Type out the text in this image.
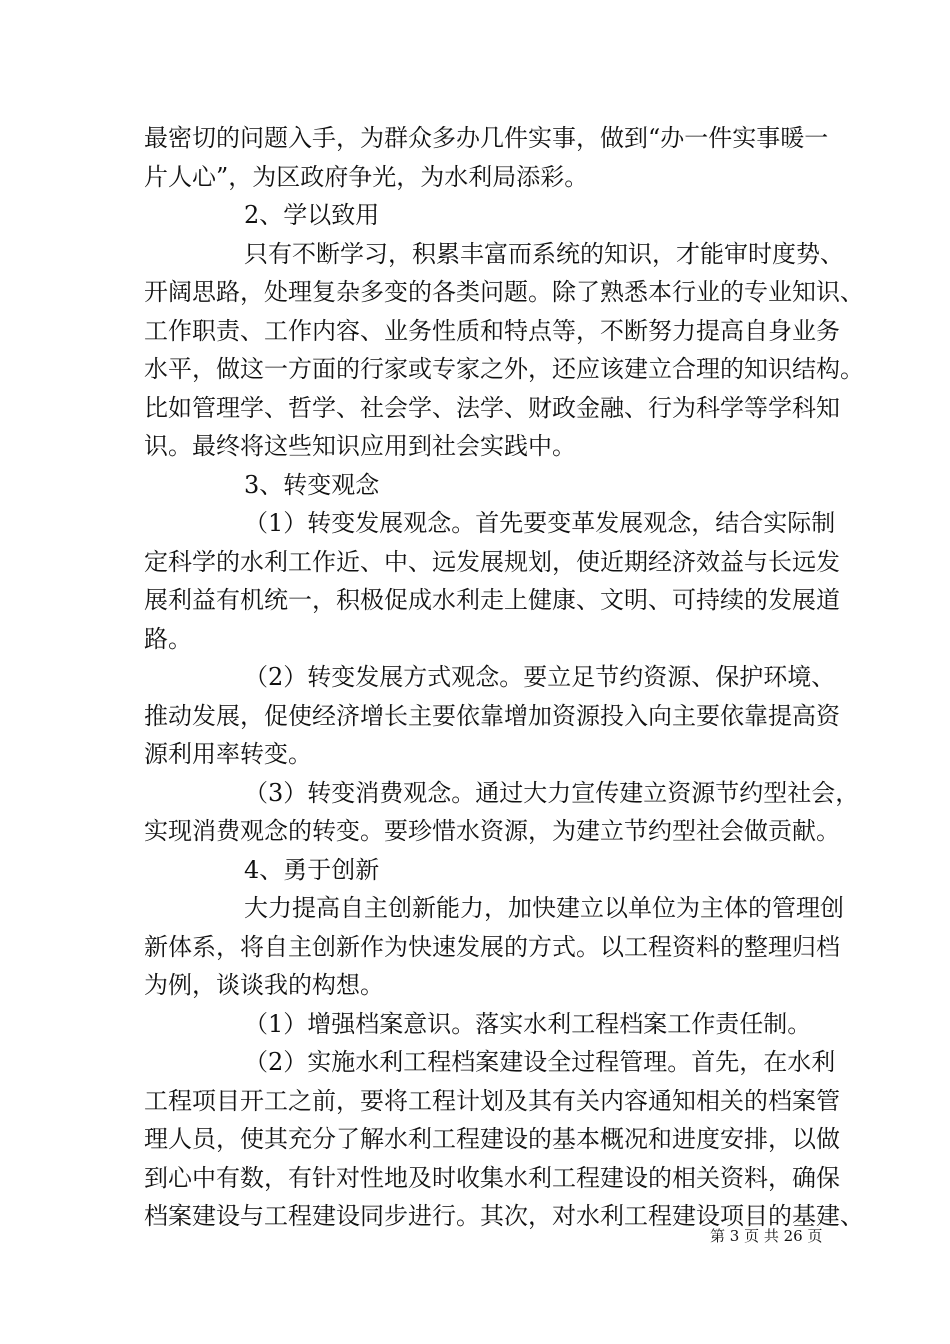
最密切的问题入手，为群众多办几件实事，做到“办一件实事暖一
片人心”，为区政府争光，为水利局添彩。
2、学以致用
只有不断学习，积累丰富而系统的知识，才能审时度势、
开阔思路，处理复杂多变的各类问题。除了熟悉本行业的专业知识、
工作职责、工作内容、业务性质和特点等，不断努力提高自身业务
水平，做这一方面的行家或专家之外，还应该建立合理的知识结构。
比如管理学、哲学、社会学、法学、财政金融、行为科学等学科知
识。最终将这些知识应用到社会实践中。
3、转变观念
（1）转变发展观念。首先要变革发展观念，结合实际制
定科学的水利工作近、中、远发展规划，使近期经济效益与长远发
展利益有机统一，积极促成水利走上健康、文明、可持续的发展道
路。
（2）转变发展方式观念。要立足节约资源、保护环境、
推动发展，促使经济增长主要依靠增加资源投入向主要依靠提高资
源利用率转变。
（3）转变消费观念。通过大力宣传建立资源节约型社会，
实现消费观念的转变。要珍惜水资源，为建立节约型社会做贡献。
4、勇于创新
大力提高自主创新能力，加快建立以单位为主体的管理创
新体系，将自主创新作为快速发展的方式。以工程资料的整理归档
为例，谈谈我的构想。
（1）增强档案意识。落实水利工程档案工作责任制。
（2）实施水利工程档案建设全过程管理。首先，在水利
工程项目开工之前，要将工程计划及其有关内容通知相关的档案管
理人员，使其充分了解水利工程建设的基本概况和进度安排，以做
到心中有数，有针对性地及时收集水利工程建设的相关资料，确保
档案建设与工程建设同步进行。其次，对水利工程建设项目的基建、
第 3 页 共 26 页
